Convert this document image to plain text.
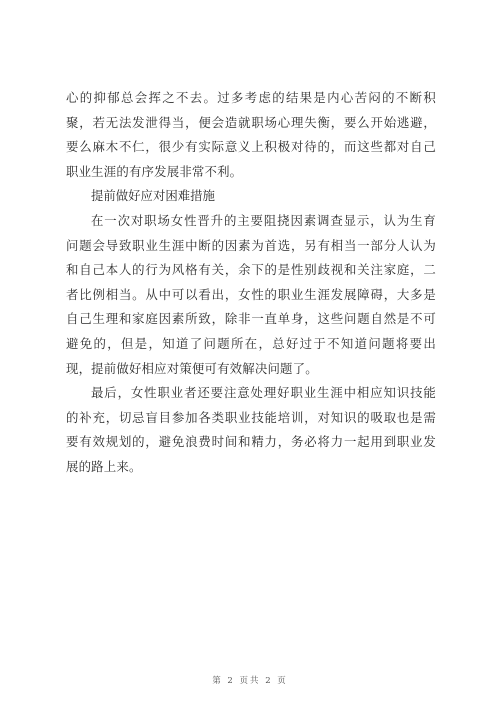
心的抑郁总会挥之不去。过多考虑的结果是内心苦闷的不断积
聚，若无法发泄得当，便会造就职场心理失衡，要么开始逃避，
要么麻木不仁，很少有实际意义上积极对待的，而这些都对自己
职业生涯的有序发展非常不利。
提前做好应对困难措施
在一次对职场女性晋升的主要阻挠因素调查显示，认为生育
问题会导致职业生涯中断的因素为首选，另有相当一部分人认为
和自己本人的行为风格有关，余下的是性别歧视和关注家庭，二
者比例相当。从中可以看出，女性的职业生涯发展障碍，大多是
自己生理和家庭因素所致，除非一直单身，这些问题自然是不可
避免的，但是，知道了问题所在，总好过于不知道问题将要出
现，提前做好相应对策便可有效解决问题了。
最后，女性职业者还要注意处理好职业生涯中相应知识技能
的补充，切忌盲目参加各类职业技能培训，对知识的吸取也是需
要有效规划的，避免浪费时间和精力，务必将力一起用到职业发
展的路上来。
第 2 页共 2 页
